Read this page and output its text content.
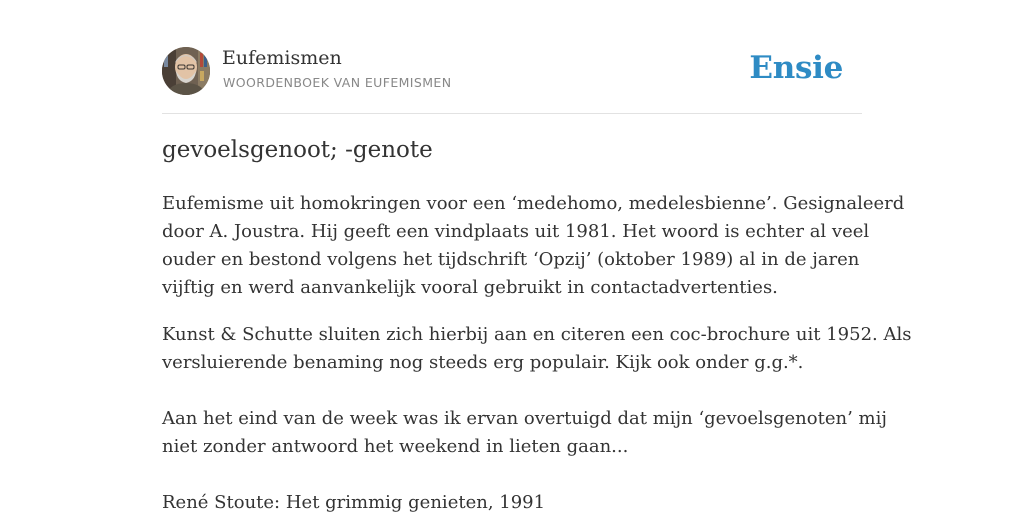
Eufemismen
WOORDENBOEK VAN EUFEMISMEN	Ensie
gevoelsgenoot; -genote

Eufemisme uit homokringen voor een ‘medehomo, medelesbienne’. Gesignaleerd
door A. Joustra. Hij geeft een vindplaats uit 1981. Het woord is echter al veel
ouder en bestond volgens het tijdschrift ‘Opzij’ (oktober 1989) al in de jaren
vijftig en werd aanvankelijk vooral gebruikt in contactadvertenties.

Kunst & Schutte sluiten zich hierbij aan en citeren een coc-brochure uit 1952. Als
versluierende benaming nog steeds erg populair. Kijk ook onder g.g.*.

Aan het eind van de week was ik ervan overtuigd dat mijn ‘gevoelsgenoten’ mij
niet zonder antwoord het weekend in lieten gaan...

René Stoute: Het grimmig genieten, 1991
